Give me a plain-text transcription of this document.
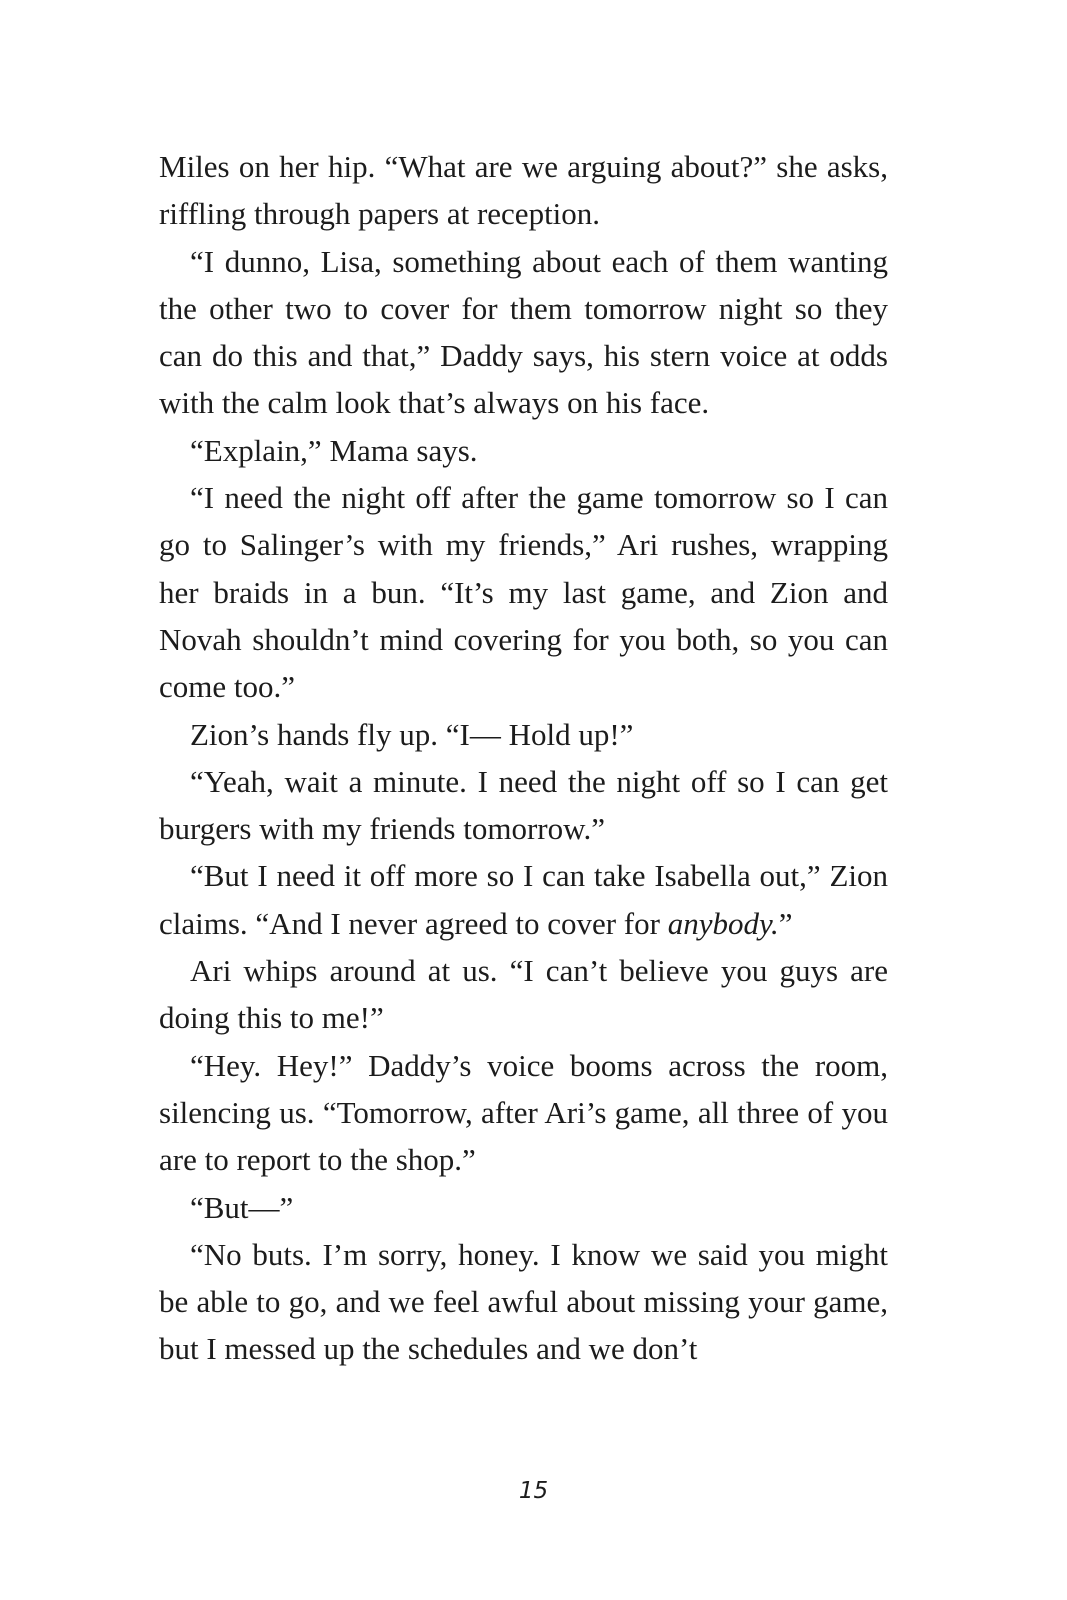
Miles on her hip. “What are we arguing about?” she asks, riffling through papers at reception.

“I dunno, Lisa, something about each of them wanting the other two to cover for them tomorrow night so they can do this and that,” Daddy says, his stern voice at odds with the calm look that’s always on his face.

“Explain,” Mama says.

“I need the night off after the game tomorrow so I can go to Salinger’s with my friends,” Ari rushes, wrapping her braids in a bun. “It’s my last game, and Zion and Novah shouldn’t mind covering for you both, so you can come too.”

Zion’s hands fly up. “I— Hold up!”

“Yeah, wait a minute. I need the night off so I can get burgers with my friends tomorrow.”

“But I need it off more so I can take Isabella out,” Zion claims. “And I never agreed to cover for anybody.”

Ari whips around at us. “I can’t believe you guys are doing this to me!”

“Hey. Hey!” Daddy’s voice booms across the room, silencing us. “Tomorrow, after Ari’s game, all three of you are to report to the shop.”

“But—”

“No buts. I’m sorry, honey. I know we said you might be able to go, and we feel awful about missing your game, but I messed up the schedules and we don’t

15
